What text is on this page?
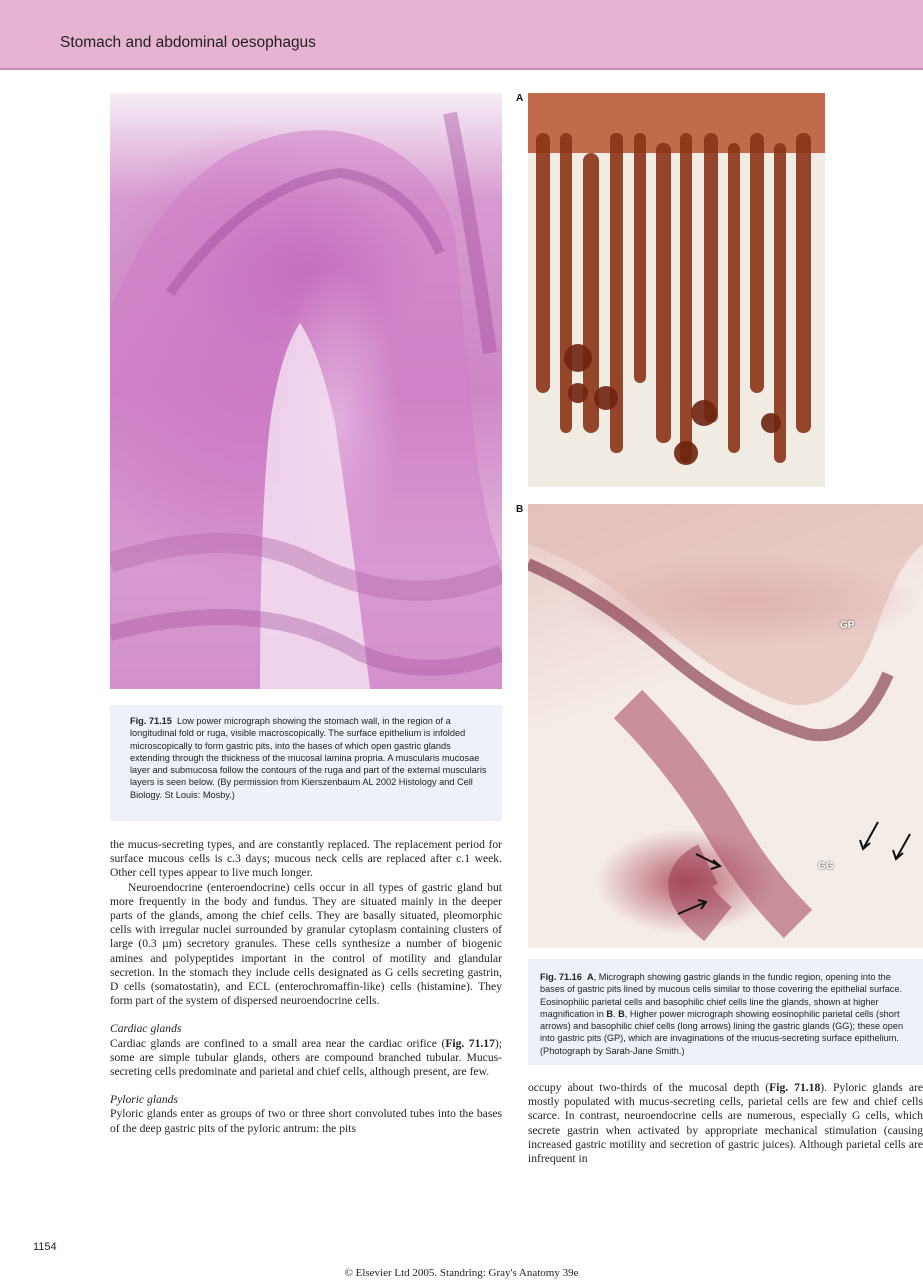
Stomach and abdominal oesophagus
Fig. 71.15 Low power micrograph showing the stomach wall, in the region of a longitudinal fold or ruga, visible macroscopically. The surface epithelium is infolded microscopically to form gastric pits, into the bases of which open gastric glands extending through the thickness of the mucosal lamina propria. A muscularis mucosae layer and submucosa follow the contours of the ruga and part of the external muscularis layers is seen below. (By permission from Kierszenbaum AL 2002 Histology and Cell Biology. St Louis: Mosby.)
A
B
GP
GG
Fig. 71.16 A, Micrograph showing gastric glands in the fundic region, opening into the bases of gastric pits lined by mucous cells similar to those covering the epithelial surface. Eosinophilic parietal cells and basophilic chief cells line the glands, shown at higher magnification in B. B, Higher power micrograph showing eosinophilic parietal cells (short arrows) and basophilic chief cells (long arrows) lining the gastric glands (GG); these open into gastric pits (GP), which are invaginations of the mucus-secreting surface epithelium. (Photograph by Sarah-Jane Smith.)

the mucus-secreting types, and are constantly replaced. The replacement period for surface mucous cells is c.3 days; mucous neck cells are replaced after c.1 week. Other cell types appear to live much longer.

Neuroendocrine (enteroendocrine) cells occur in all types of gastric gland but more frequently in the body and fundus. They are situated mainly in the deeper parts of the glands, among the chief cells. They are basally situated, pleomorphic cells with irregular nuclei surrounded by granular cytoplasm containing clusters of large (0.3 µm) secretory granules. These cells synthesize a number of biogenic amines and polypeptides important in the control of motility and glandular secretion. In the stomach they include cells designated as G cells secreting gastrin, D cells (somatostatin), and ECL (enterochromaffin-like) cells (histamine). They form part of the system of dispersed neuroendocrine cells.

Cardiac glands

Cardiac glands are confined to a small area near the cardiac orifice (Fig. 71.17); some are simple tubular glands, others are compound branched tubular. Mucus-secreting cells predominate and parietal and chief cells, although present, are few.

Pyloric glands

Pyloric glands enter as groups of two or three short convoluted tubes into the bases of the deep gastric pits of the pyloric antrum: the pits

occupy about two-thirds of the mucosal depth (Fig. 71.18). Pyloric glands are mostly populated with mucus-secreting cells, parietal cells are few and chief cells scarce. In contrast, neuroendocrine cells are numerous, especially G cells, which secrete gastrin when activated by appropriate mechanical stimulation (causing increased gastric motility and secretion of gastric juices). Although parietal cells are infrequent in

1154
© Elsevier Ltd 2005. Standring: Gray's Anatomy 39e
